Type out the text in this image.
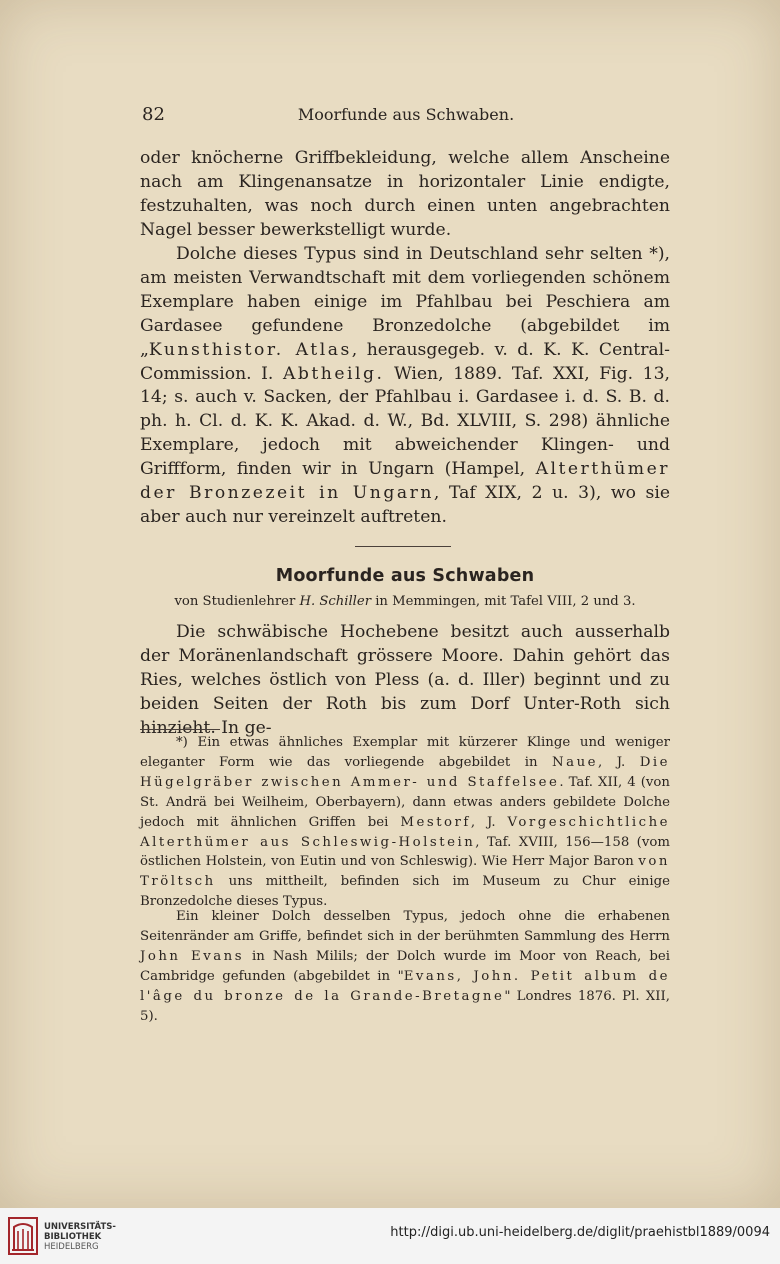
82	Moorfunde aus Schwaben.

oder knöcherne Griffbekleidung, welche allem Anscheine nach am Klingenansatze in horizontaler Linie endigte, festzuhalten, was noch durch einen unten angebrachten Nagel besser bewerkstelligt wurde.

Dolche dieses Typus sind in Deutschland sehr selten *), am meisten Verwandtschaft mit dem vorliegenden schönem Exemplare haben einige im Pfahlbau bei Peschiera am Gardasee gefundene Bronzedolche (abgebildet im „Kunsthistor. Atlas, herausgegeb. v. d. K. K. Central-Commission. I. Abtheilg. Wien, 1889. Taf. XXI, Fig. 13, 14; s. auch v. Sacken, der Pfahlbau i. Gardasee i. d. S. B. d. ph. h. Cl. d. K. K. Akad. d. W., Bd. XLVIII, S. 298) ähnliche Exemplare, jedoch mit abweichender Klingen- und Griffform, finden wir in Ungarn (Hampel, Alterthümer der Bronzezeit in Ungarn, Taf XIX, 2 u. 3), wo sie aber auch nur vereinzelt auftreten.

Moorfunde aus Schwaben
von Studienlehrer H. Schiller in Memmingen, mit Tafel VIII, 2 und 3.

Die schwäbische Hochebene besitzt auch ausserhalb der Moränenlandschaft grössere Moore. Dahin gehört das Ries, welches östlich von Pless (a. d. Iller) beginnt und zu beiden Seiten der Roth bis zum Dorf Unter-Roth sich hinzieht. In ge-

*) Ein etwas ähnliches Exemplar mit kürzerer Klinge und weniger eleganter Form wie das vorliegende abgebildet in Naue, J. Die Hügelgräber zwischen Ammer- und Staffelsee. Taf. XII, 4 (von St. Andrä bei Weilheim, Oberbayern), dann etwas anders gebildete Dolche jedoch mit ähnlichen Griffen bei Mestorf, J. Vorgeschichtliche Alterthümer aus Schleswig-Holstein, Taf. XVIII, 156—158 (vom östlichen Holstein, von Eutin und von Schleswig). Wie Herr Major Baron von Tröltsch uns mittheilt, befinden sich im Museum zu Chur einige Bronzedolche dieses Typus.

Ein kleiner Dolch desselben Typus, jedoch ohne die erhabenen Seitenränder am Griffe, befindet sich in der berühmten Sammlung des Herrn John Evans in Nash Milils; der Dolch wurde im Moor von Reach, bei Cambridge gefunden (abgebildet in "Evans, John. Petit album de l'âge du bronze de la Grande-Bretagne" Londres 1876. Pl. XII, 5).

UNIVERSITÄTS-
BIBLIOTHEK
HEIDELBERG
http://digi.ub.uni-heidelberg.de/diglit/praehistbl1889/0094
